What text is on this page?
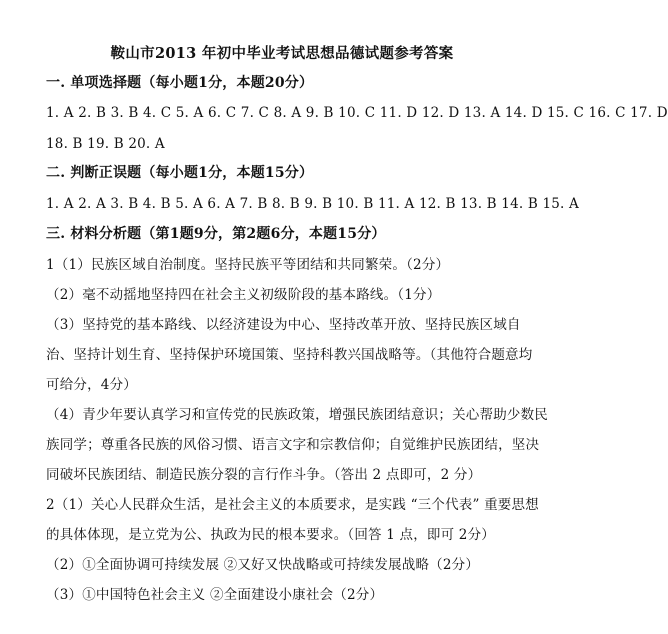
鞍山市2013 年初中毕业考试思想品德试题参考答案
一. 单项选择题（每小题1分，本题20分）
1. A 2. B 3. B 4. C 5. A 6. C 7. C 8. A 9. B 10. C 11. D 12. D 13. A 14. D 15. C 16. C 17. D
18. B 19. B 20. A
二. 判断正误题（每小题1分，本题15分）
1. A 2. A 3. B 4. B 5. A 6. A 7. B 8. B 9. B 10. B 11. A 12. B 13. B 14. B 15. A
三. 材料分析题（第1题9分，第2题6分，本题15分）
1（1）民族区域自治制度。坚持民族平等团结和共同繁荣。（2分）
（2）毫不动摇地坚持四在社会主义初级阶段的基本路线。（1分）
（3）坚持党的基本路线、以经济建设为中心、坚持改革开放、坚持民族区域自
治、坚持计划生育、坚持保护环境国策、坚持科教兴国战略等。（其他符合题意均
可给分，4分）
（4）青少年要认真学习和宣传党的民族政策，增强民族团结意识；关心帮助少数民
族同学；尊重各民族的风俗习惯、语言文字和宗教信仰；自觉维护民族团结，坚决
同破坏民族团结、制造民族分裂的言行作斗争。（答出 2 点即可，2 分）
2（1）关心人民群众生活，是社会主义的本质要求，是实践 “三个代表” 重要思想
的具体体现，是立党为公、执政为民的根本要求。（回答 1 点，即可 2分）
（2）①全面协调可持续发展 ②又好又快战略或可持续发展战略（2分）
（3）①中国特色社会主义 ②全面建设小康社会（2分）
